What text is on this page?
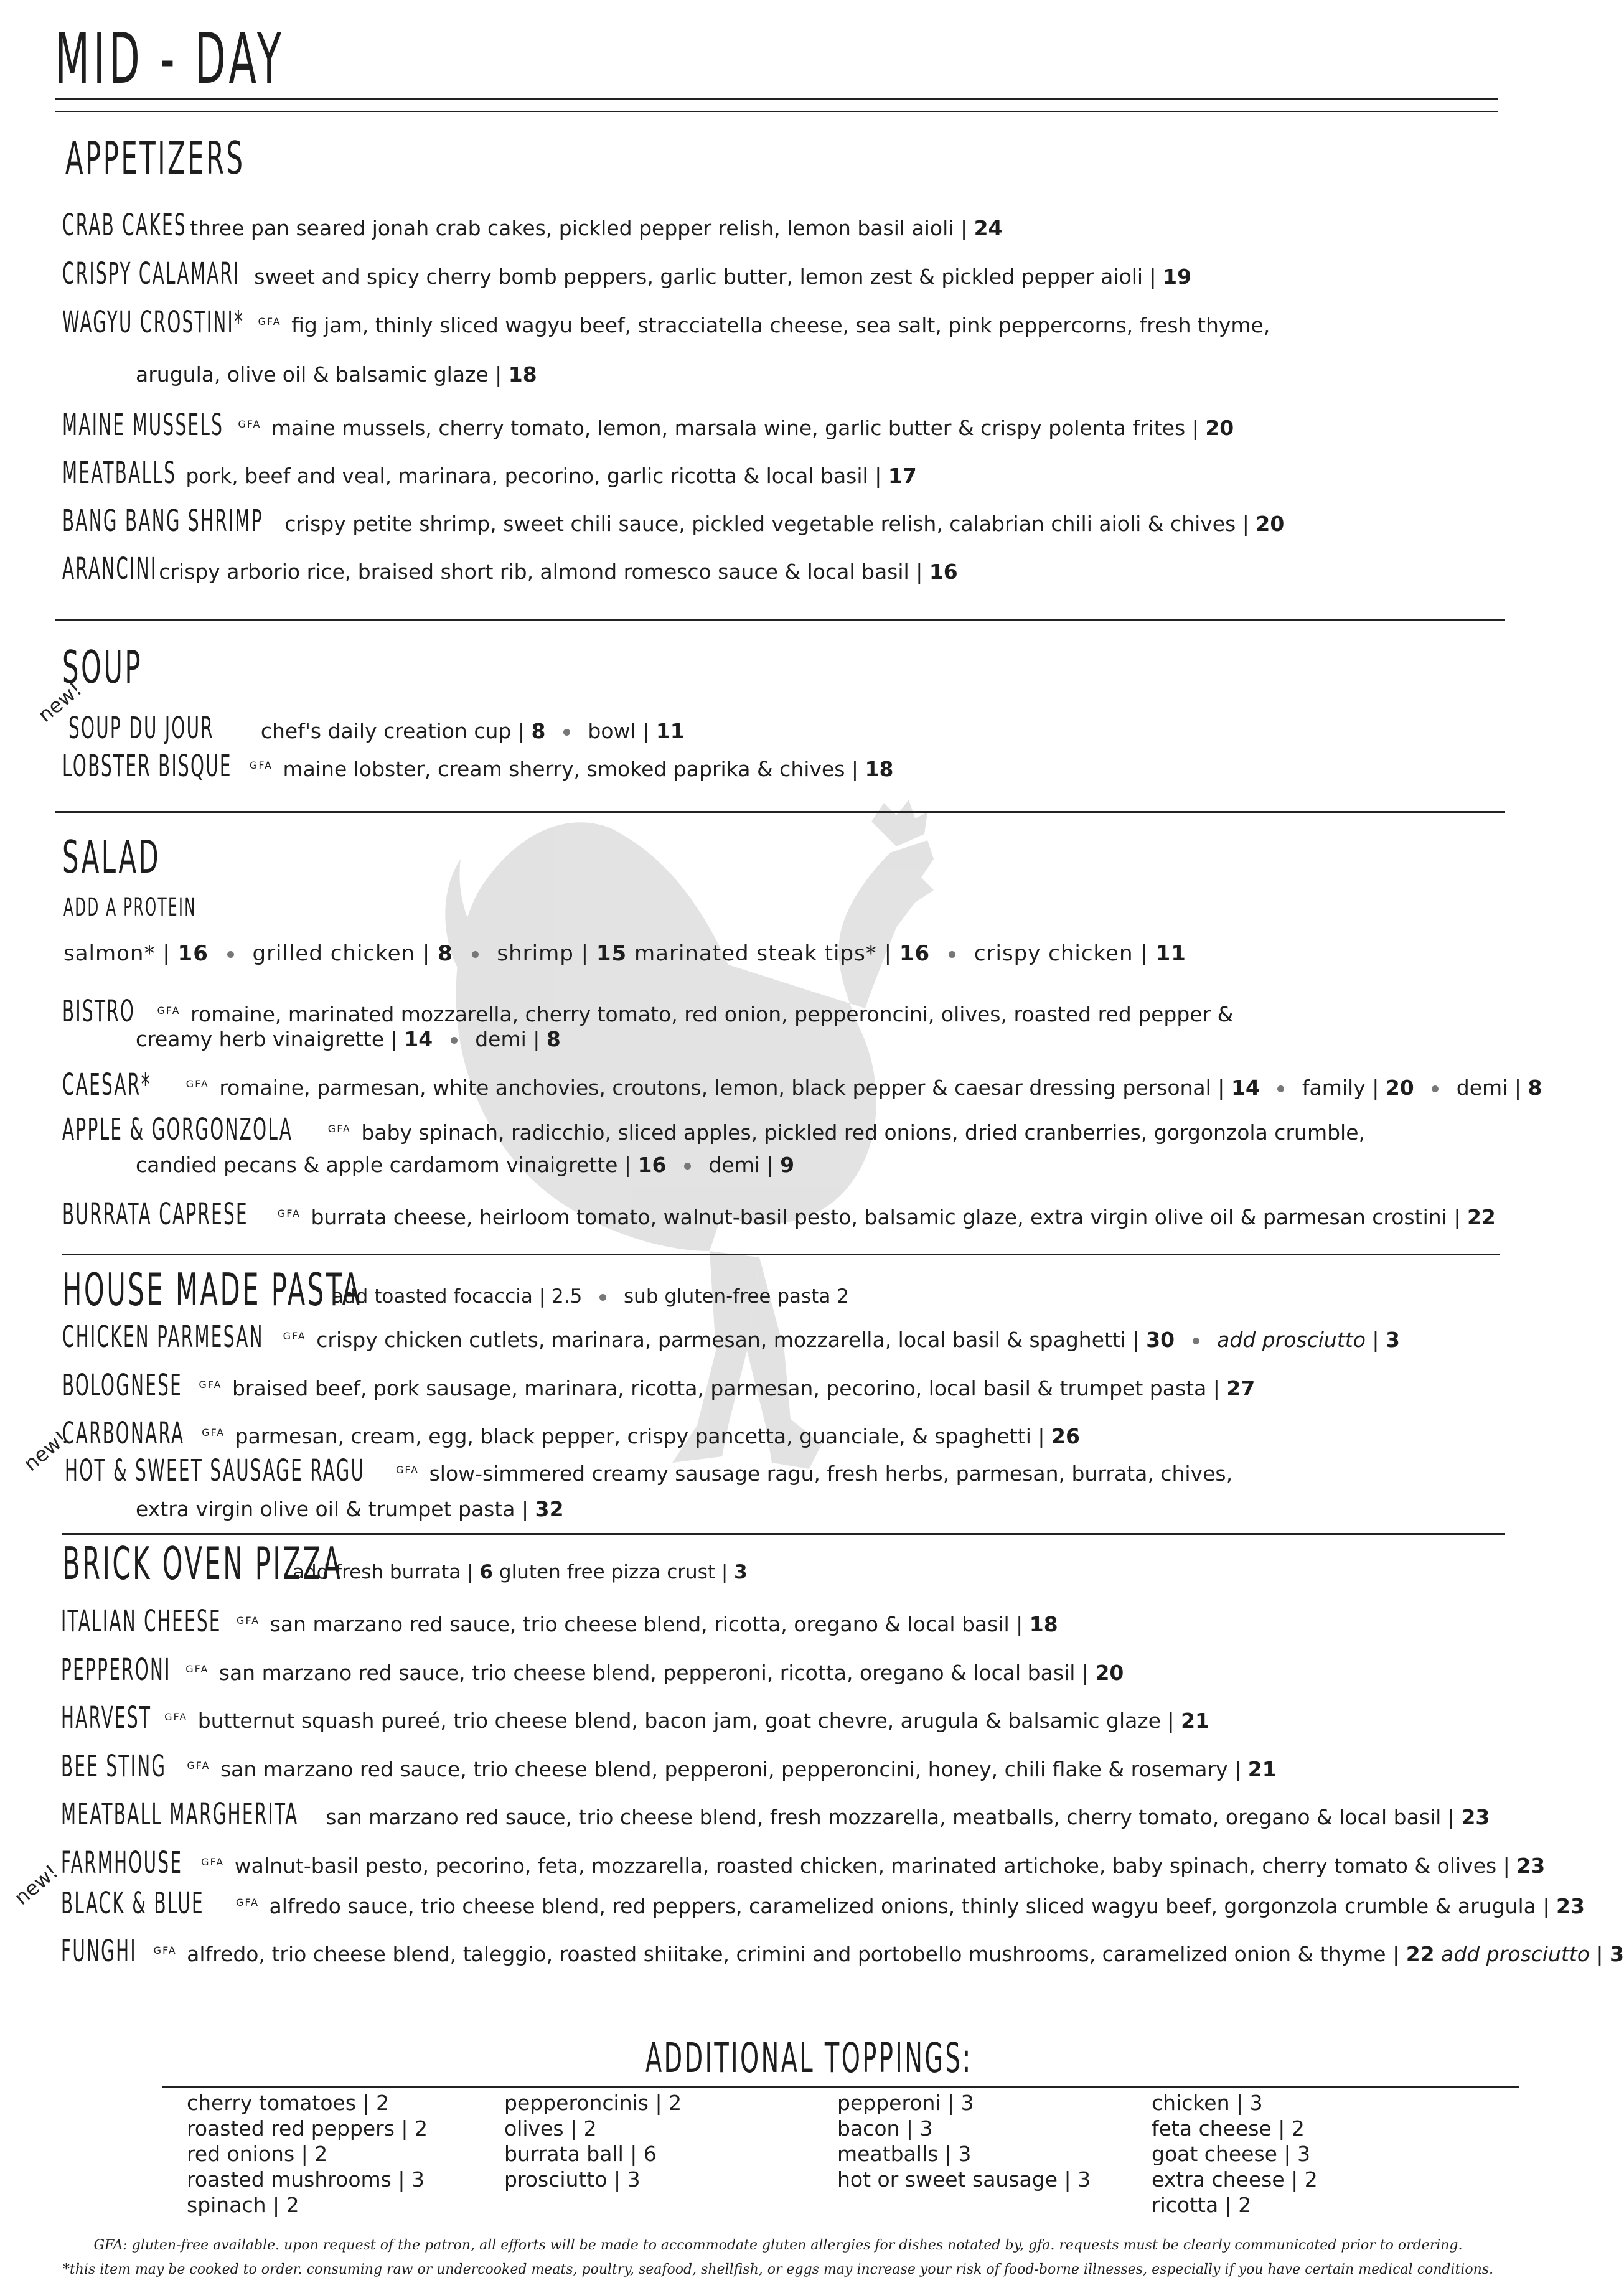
MID - DAY
APPETIZERS
CRAB CAKES three pan seared jonah crab cakes, pickled pepper relish, lemon basil aioli | 24
CRISPY CALAMARI sweet and spicy cherry bomb peppers, garlic butter, lemon zest & pickled pepper aioli | 19
WAGYU CROSTINI* $^{GFA}$ fig jam, thinly sliced wagyu beef, stracciatella cheese, sea salt, pink peppercorns, fresh thyme,
arugula, olive oil & balsamic glaze | 18
MAINE MUSSELS $^{GFA}$ maine mussels, cherry tomato, lemon, marsala wine, garlic butter & crispy polenta frites | 20
MEATBALLS pork, beef and veal, marinara, pecorino, garlic ricotta & local basil | 17
BANG BANG SHRIMP crispy petite shrimp, sweet chili sauce, pickled vegetable relish, calabrian chili aioli & chives | 20
ARANCINI crispy arborio rice, braised short rib, almond romesco sauce & local basil | 16
SOUP
new!
SOUP DU JOUR chef's daily creation cup | 8 bowl | 11
LOBSTER BISQUE $^{GFA}$ maine lobster, cream sherry, smoked paprika & chives | 18
SALAD
ADD A PROTEIN
salmon* | 16 grilled chicken | 8 shrimp | 15 marinated steak tips* | 16 crispy chicken | 11
BISTRO $^{GFA}$ romaine, marinated mozzarella, cherry tomato, red onion, pepperoncini, olives, roasted red pepper &
creamy herb vinaigrette | 14 demi | 8
CAESAR*	$^{GFA}$ romaine, parmesan, white anchovies, croutons, lemon, black pepper & caesar dressing personal | 14 family | 20 demi | 8
APPLE & GORGONZOLA	$^{GFA}$ baby spinach, radicchio, sliced apples, pickled red onions, dried cranberries, gorgonzola crumble,
candied pecans & apple cardamom vinaigrette | 16 demi | 9
BURRATA CAPRESE	$^{GFA}$ burrata cheese, heirloom tomato, walnut-basil pesto, balsamic glaze, extra virgin olive oil & parmesan crostini | 22
HOUSE MADE PASTA
add toasted focaccia | 2.5 sub gluten-free pasta 2
CHICKEN PARMESAN $^{GFA}$ crispy chicken cutlets, marinara, parmesan, mozzarella, local basil & spaghetti | 30 add prosciutto | 3
BOLOGNESE $^{GFA}$ braised beef, pork sausage, marinara, ricotta, parmesan, pecorino, local basil & trumpet pasta | 27
CARBONARA $^{GFA}$ parmesan, cream, egg, black pepper, crispy pancetta, guanciale, & spaghetti | 26
new!
HOT & SWEET SAUSAGE RAGU	$^{GFA}$ slow-simmered creamy sausage ragu, fresh herbs, parmesan, burrata, chives,
extra virgin olive oil & trumpet pasta | 32
BRICK OVEN PIZZA
add fresh burrata | 6 gluten free pizza crust | 3
ITALIAN CHEESE $^{GFA}$ san marzano red sauce, trio cheese blend, ricotta, oregano & local basil | 18
PEPPERONI $^{GFA}$ san marzano red sauce, trio cheese blend, pepperoni, ricotta, oregano & local basil | 20
HARVEST $^{GFA}$ butternut squash pureé, trio cheese blend, bacon jam, goat chevre, arugula & balsamic glaze | 21
BEE STING $^{GFA}$ san marzano red sauce, trio cheese blend, pepperoni, pepperoncini, honey, chili flake & rosemary | 21
MEATBALL MARGHERITA san marzano red sauce, trio cheese blend, fresh mozzarella, meatballs, cherry tomato, oregano & local basil | 23
FARMHOUSE $^{GFA}$ walnut-basil pesto, pecorino, feta, mozzarella, roasted chicken, marinated artichoke, baby spinach, cherry tomato & olives | 23
new!
BLACK & BLUE	$^{GFA}$ alfredo sauce, trio cheese blend, red peppers, caramelized onions, thinly sliced wagyu beef, gorgonzola crumble & arugula | 23
FUNGHI $^{GFA}$ alfredo, trio cheese blend, taleggio, roasted shiitake, crimini and portobello mushrooms, caramelized onion & thyme | 22 add prosciutto | 3
ADDITIONAL TOPPINGS:
cherry tomatoes | 2
roasted red peppers | 2
red onions | 2
roasted mushrooms | 3
spinach | 2
pepperoncinis | 2
olives | 2
burrata ball | 6
prosciutto | 3
pepperoni | 3
bacon | 3
meatballs | 3
hot or sweet sausage | 3
chicken | 3
feta cheese | 2
goat cheese | 3
extra cheese | 2
ricotta | 2
GFA: gluten-free available. upon request of the patron, all efforts will be made to accommodate gluten allergies for dishes notated by, gfa. requests must be clearly communicated prior to ordering.
*this item may be cooked to order. consuming raw or undercooked meats, poultry, seafood, shellfish, or eggs may increase your risk of food-borne illnesses, especially if you have certain medical conditions.
